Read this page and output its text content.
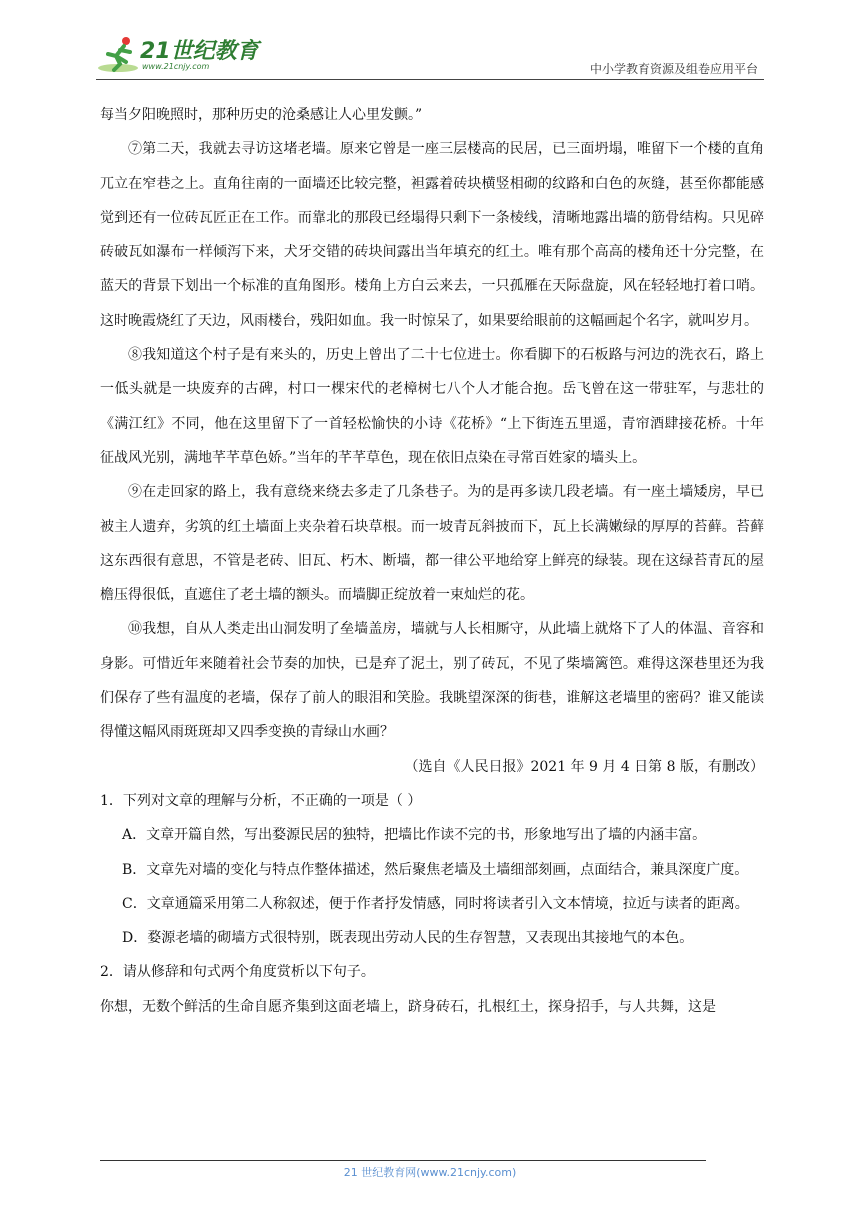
21世纪教育
www.21cnjy.com	中小学教育资源及组卷应用平台

每当夕阳晚照时，那种历史的沧桑感让人心里发颤。”

⑦第二天，我就去寻访这堵老墙。原来它曾是一座三层楼高的民居，已三面坍塌，唯留下一个楼的直角兀立在窄巷之上。直角往南的一面墙还比较完整，袒露着砖块横竖相砌的纹路和白色的灰缝，甚至你都能感觉到还有一位砖瓦匠正在工作。而靠北的那段已经塌得只剩下一条棱线，清晰地露出墙的筋骨结构。只见碎砖破瓦如瀑布一样倾泻下来，犬牙交错的砖块间露出当年填充的红土。唯有那个高高的楼角还十分完整，在蓝天的背景下划出一个标准的直角图形。楼角上方白云来去，一只孤雁在天际盘旋，风在轻轻地打着口哨。这时晚霞烧红了天边，风雨楼台，残阳如血。我一时惊呆了，如果要给眼前的这幅画起个名字，就叫岁月。

⑧我知道这个村子是有来头的，历史上曾出了二十七位进士。你看脚下的石板路与河边的洗衣石，路上一低头就是一块废弃的古碑，村口一棵宋代的老樟树七八个人才能合抱。岳飞曾在这一带驻军，与悲壮的《满江红》不同，他在这里留下了一首轻松愉快的小诗《花桥》“上下街连五里遥，青帘酒肆接花桥。十年征战风光别，满地芊芊草色娇。”当年的芊芊草色，现在依旧点染在寻常百姓家的墙头上。

⑨在走回家的路上，我有意绕来绕去多走了几条巷子。为的是再多读几段老墙。有一座土墙矮房，早已被主人遗弃，劣筑的红土墙面上夹杂着石块草根。而一坡青瓦斜披而下，瓦上长满嫩绿的厚厚的苔藓。苔藓这东西很有意思，不管是老砖、旧瓦、朽木、断墙，都一律公平地给穿上鲜亮的绿装。现在这绿苔青瓦的屋檐压得很低，直遮住了老土墙的额头。而墙脚正绽放着一束灿烂的花。

⑩我想，自从人类走出山洞发明了垒墙盖房，墙就与人长相厮守，从此墙上就烙下了人的体温、音容和身影。可惜近年来随着社会节奏的加快，已是弃了泥土，别了砖瓦，不见了柴墙篱笆。难得这深巷里还为我们保存了些有温度的老墙，保存了前人的眼泪和笑脸。我眺望深深的街巷，谁解这老墙里的密码？谁又能读得懂这幅风雨斑斑却又四季变换的青绿山水画？

（选自《人民日报》2021 年 9 月 4 日第 8 版，有删改）

1．下列对文章的理解与分析，不正确的一项是（ ）

A．文章开篇自然，写出婺源民居的独特，把墙比作读不完的书，形象地写出了墙的内涵丰富。

B．文章先对墙的变化与特点作整体描述，然后聚焦老墙及土墙细部刻画，点面结合，兼具深度广度。

C．文章通篇采用第二人称叙述，便于作者抒发情感，同时将读者引入文本情境，拉近与读者的距离。

D．婺源老墙的砌墙方式很特别，既表现出劳动人民的生存智慧，又表现出其接地气的本色。

2．请从修辞和句式两个角度赏析以下句子。

你想，无数个鲜活的生命自愿齐集到这面老墙上，跻身砖石，扎根红土，探身招手，与人共舞，这是

21 世纪教育网(www.21cnjy.com)
